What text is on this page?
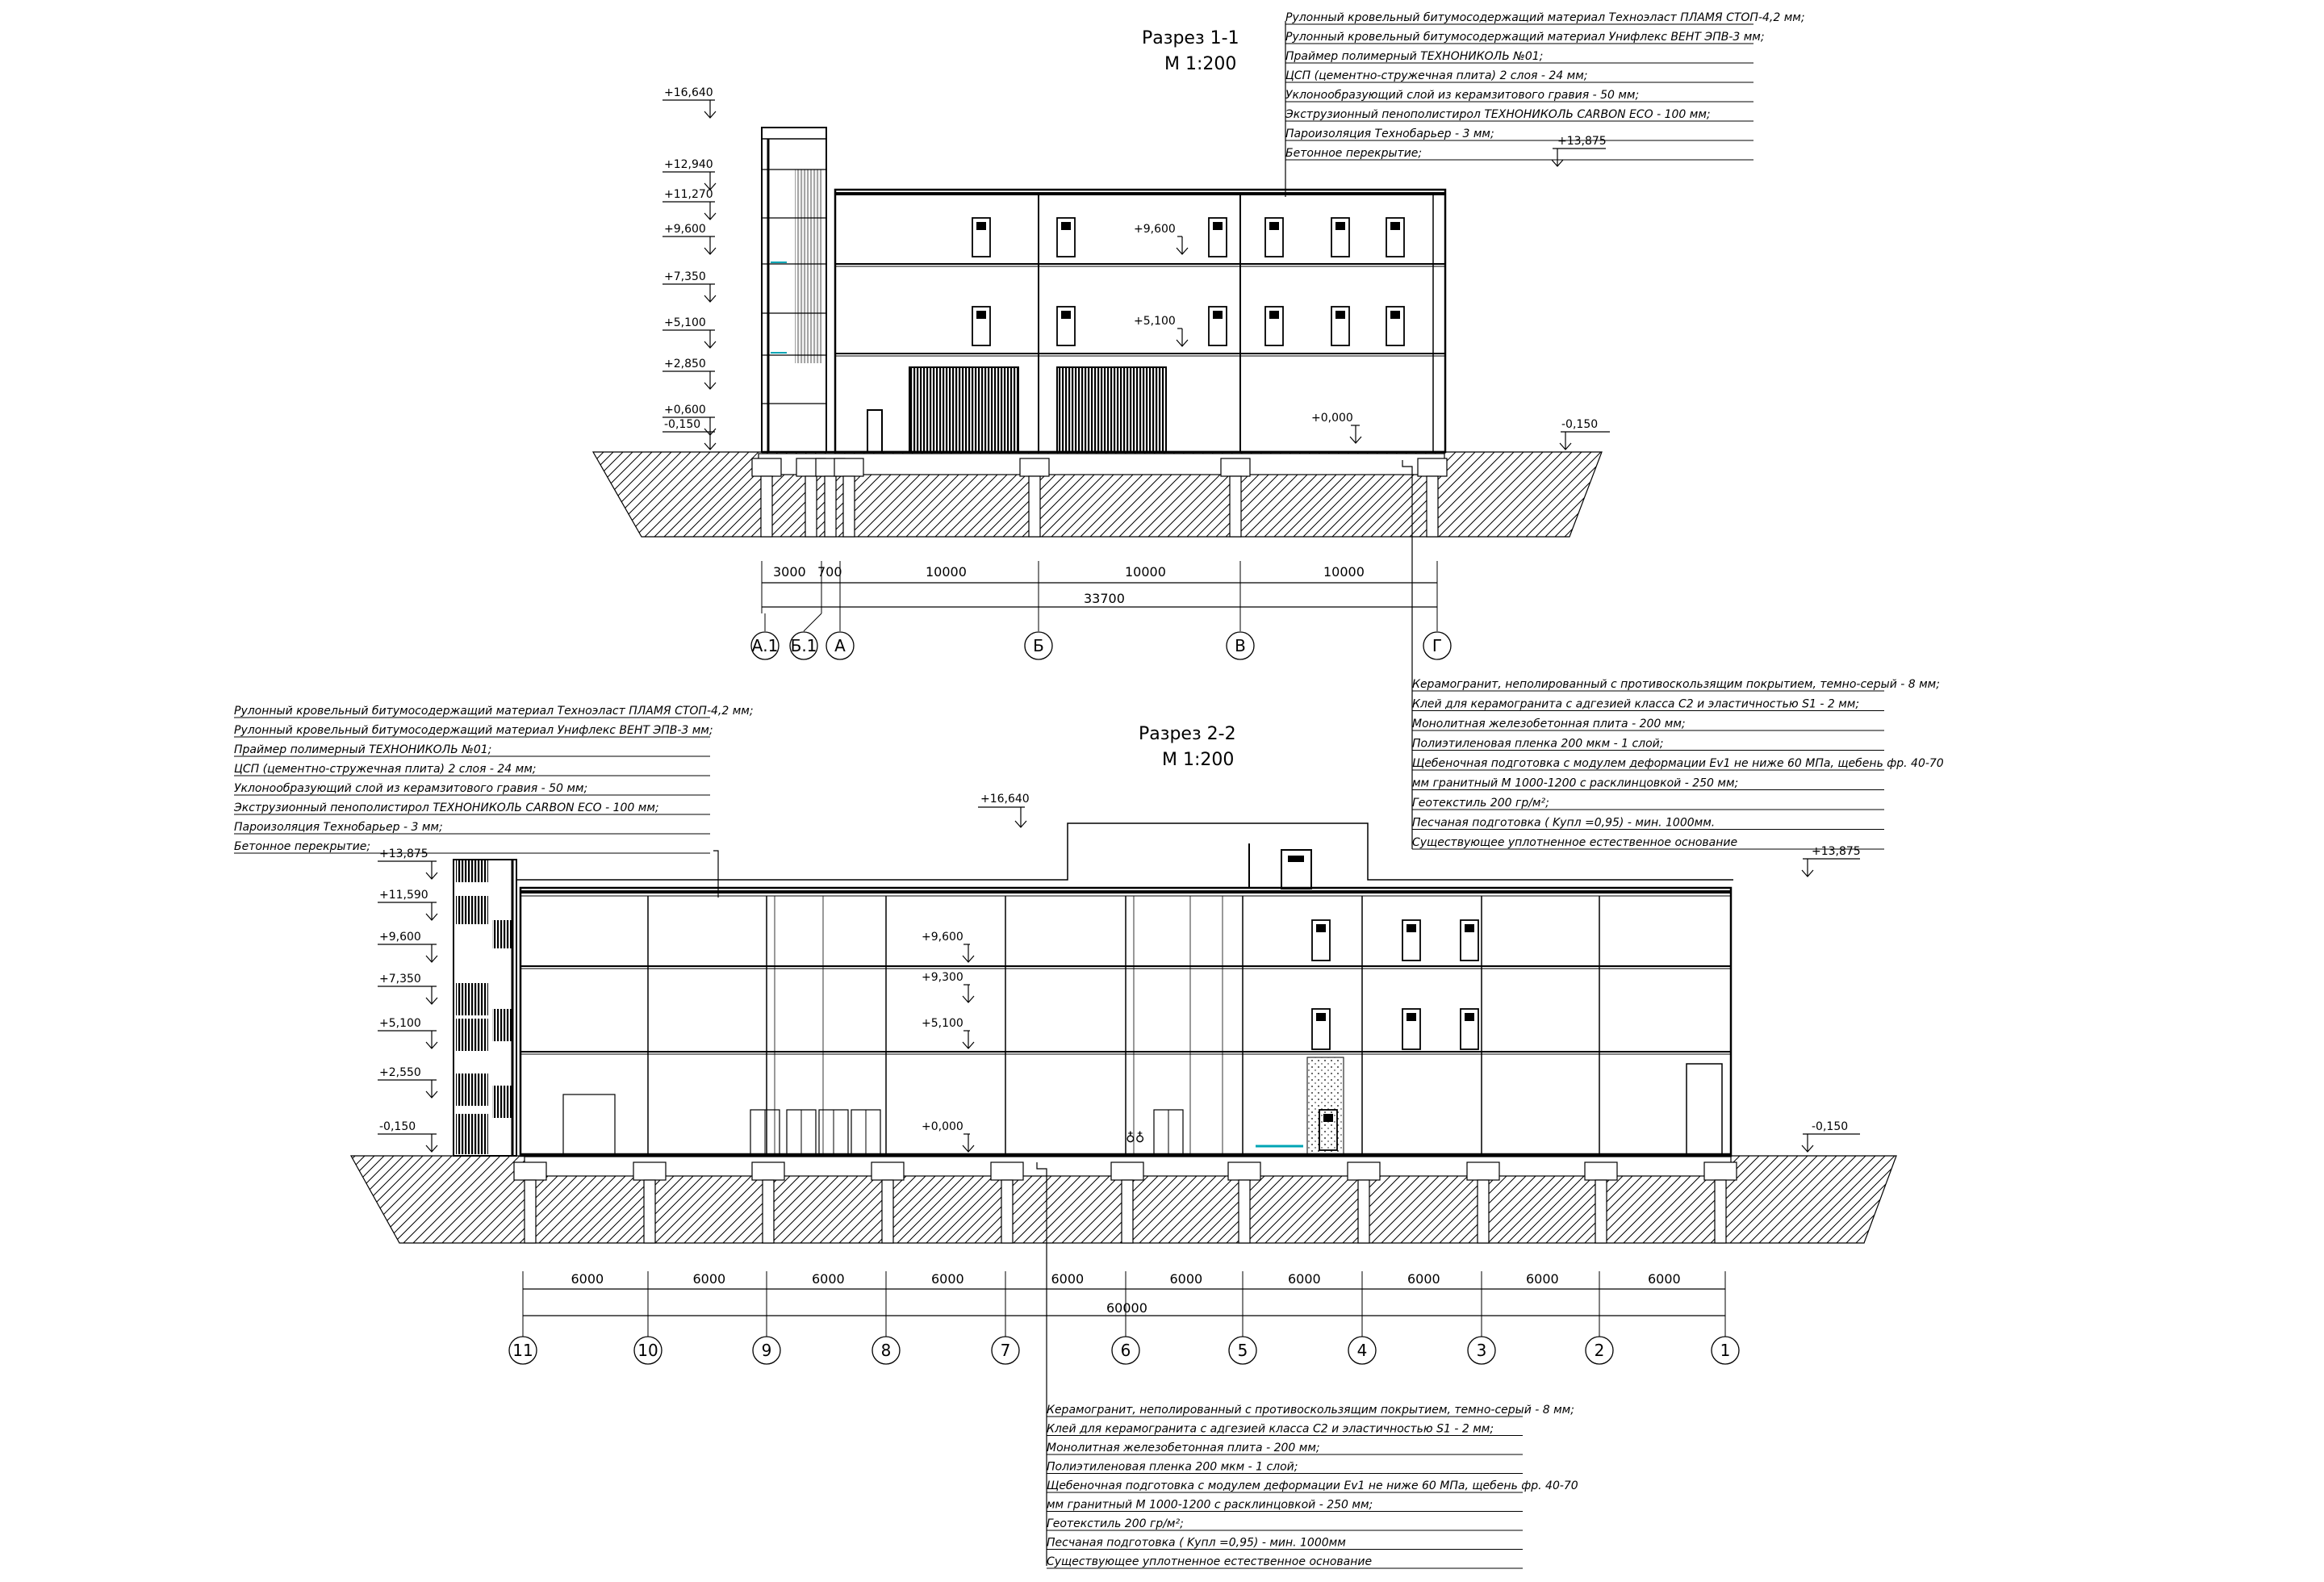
Разрез 1-1
М 1:200
Рулонный кровельный битумосодержащий материал Техноэласт ПЛАМЯ СТОП-4,2 мм;
Рулонный кровельный битумосодержащий материал Унифлекс ВЕНТ ЭПВ-3 мм;
Праймер полимерный ТЕХНОНИКОЛЬ №01;
ЦСП (цементно-стружечная плита) 2 слоя - 24 мм;
Уклонообразующий слой из керамзитового гравия - 50 мм;
Экструзионный пенополистирол ТЕХНОНИКОЛЬ CARBON ECO - 100 мм;
Пароизоляция Технобарьер - 3 мм;
Бетонное перекрытие;
+16,640
+12,940
+11,270
+9,600
+7,350
+5,100
+2,850
+0,600
-0,150
+13,875
-0,150
+9,600
+5,100
+0,000
3000 700	10000	10000	10000
33700
А.1 Б.1 А	Б	В	Г
Керамогранит, неполированный с противоскользящим покрытием, темно-серый - 8 мм;
Клей для керамогранита с адгезией класса С2 и эластичностью S1 - 2 мм;
Монолитная железобетонная плита - 200 мм;
Полиэтиленовая пленка 200 мкм - 1 слой;
Щебеночная подготовка с модулем деформации Ev1 не ниже 60 МПа, щебень фр. 40-70
мм гранитный М 1000-1200 с расклинцовкой - 250 мм;
Геотекстиль 200 гр/м²;
Песчаная подготовка ( Kупл =0,95) - мин. 1000мм.
Существующее уплотненное естественное основание
Разрез 2-2
М 1:200
Рулонный кровельный битумосодержащий материал Техноэласт ПЛАМЯ СТОП-4,2 мм;
Рулонный кровельный битумосодержащий материал Унифлекс ВЕНТ ЭПВ-3 мм;
Праймер полимерный ТЕХНОНИКОЛЬ №01;
ЦСП (цементно-стружечная плита) 2 слоя - 24 мм;
Уклонообразующий слой из керамзитового гравия - 50 мм;
Экструзионный пенополистирол ТЕХНОНИКОЛЬ CARBON ECO - 100 мм;
Пароизоляция Технобарьер - 3 мм;
Бетонное перекрытие;
♁♁
+13,875
+11,590
+9,600
+7,350
+5,100
+2,550
-0,150
+13,875
-0,150
+9,600
+9,300
+5,100
+0,000
+16,640
6000	6000	6000	6000	6000	6000	6000	6000	6000	6000
60000
11	10	9	8	7	6	5	4	3	2	1
Керамогранит, неполированный с противоскользящим покрытием, темно-серый - 8 мм;
Клей для керамогранита с адгезией класса С2 и эластичностью S1 - 2 мм;
Монолитная железобетонная плита - 200 мм;
Полиэтиленовая пленка 200 мкм - 1 слой;
Щебеночная подготовка с модулем деформации Ev1 не ниже 60 МПа, щебень фр. 40-70
мм гранитный М 1000-1200 с расклинцовкой - 250 мм;
Геотекстиль 200 гр/м²;
Песчаная подготовка ( Kупл =0,95) - мин. 1000мм
Существующее уплотненное естественное основание
